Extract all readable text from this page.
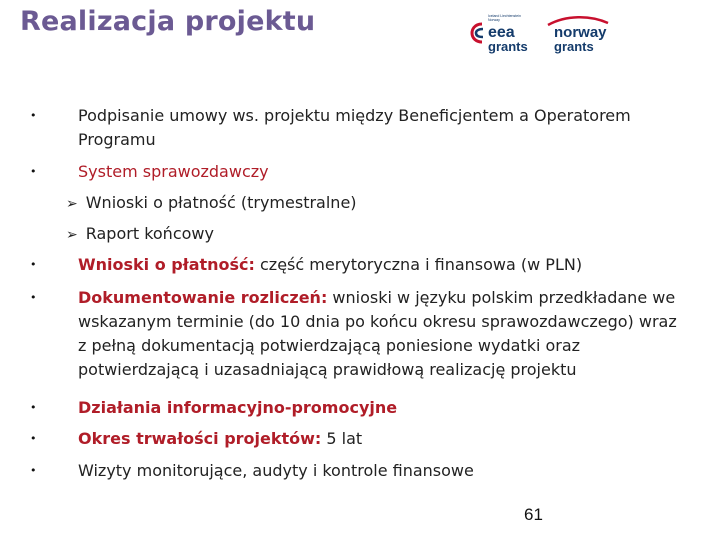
Realizacja projektu	Iceland Liechtenstein Norway
eea
grants
norway
grants
•	Podpisanie umowy ws. projektu między Beneficjentem a Operatorem Programu
•	System sprawozdawczy
➢ Wnioski o płatność (trymestralne)
➢ Raport końcowy
•	Wnioski o płatność: część merytoryczna i finansowa (w PLN)
•	Dokumentowanie rozliczeń: wnioski w języku polskim przedkładane we wskazanym terminie (do 10 dnia po końcu okresu sprawozdawczego) wraz z pełną dokumentacją potwierdzającą poniesione wydatki oraz potwierdzającą i uzasadniającą prawidłową realizację projektu
•	Działania informacyjno-promocyjne
•	Okres trwałości projektów: 5 lat
•	Wizyty monitorujące, audyty i kontrole finansowe
61
